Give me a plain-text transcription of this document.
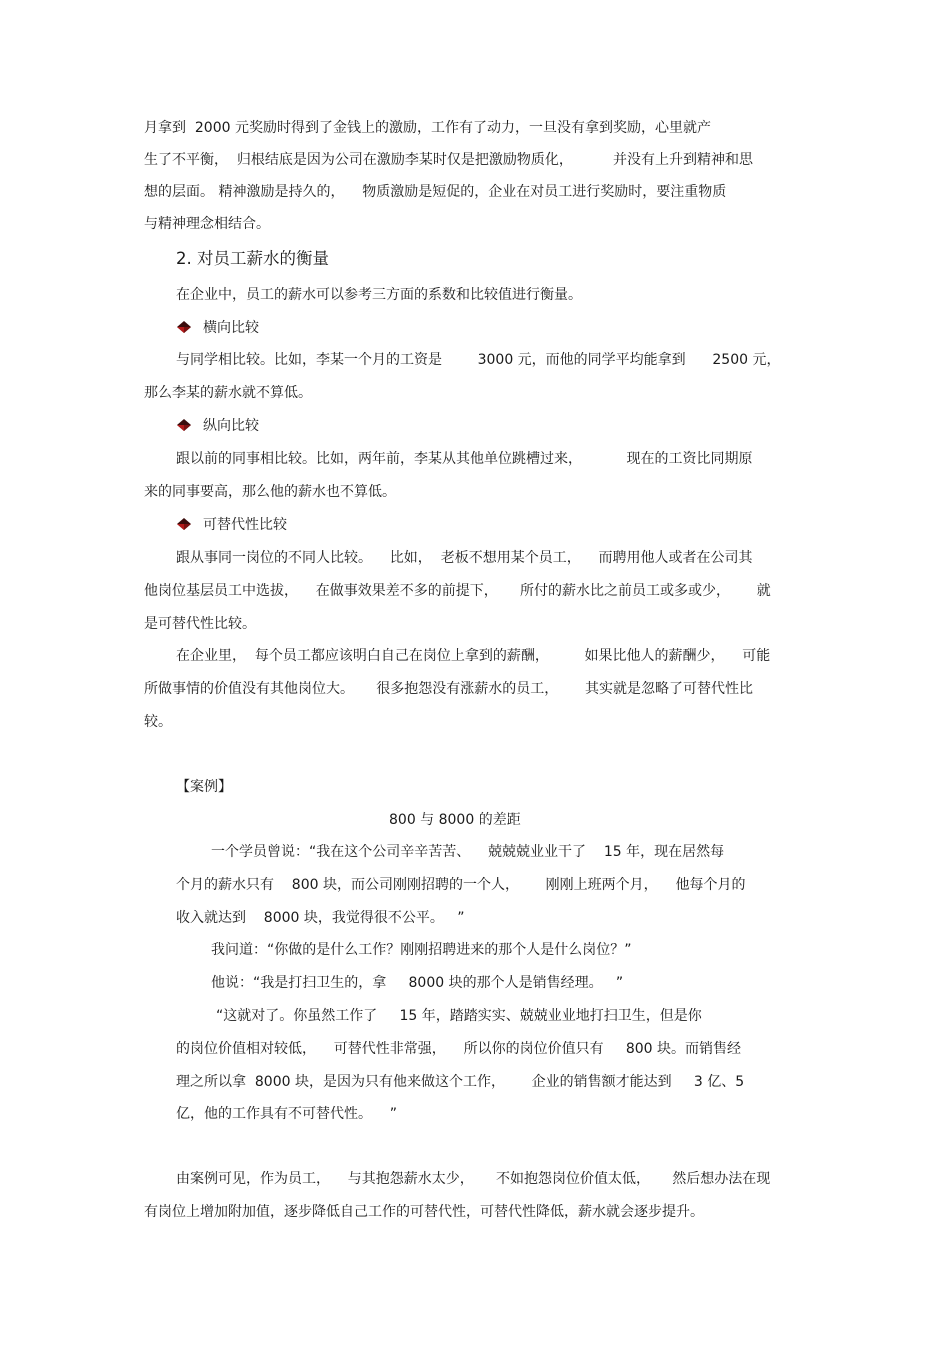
月拿到  2000 元奖励时得到了金钱上的激励，工作有了动力，一旦没有拿到奖励，心里就产
生了不平衡，  归根结底是因为公司在激励李某时仅是把激励物质化，         并没有上升到精神和思
想的层面。 精神激励是持久的，    物质激励是短促的，企业在对员工进行奖励时，要注重物质
与精神理念相结合。
2. 对员工薪水的衡量
在企业中，员工的薪水可以参考三方面的系数和比较值进行衡量。
横向比较
与同学相比较。比如，李某一个月的工资是        3000 元，而他的同学平均能拿到      2500 元，
那么李某的薪水就不算低。
纵向比较
跟以前的同事相比较。比如，两年前，李某从其他单位跳槽过来，          现在的工资比同期原
来的同事要高，那么他的薪水也不算低。
可替代性比较
跟从事同一岗位的不同人比较。    比如，  老板不想用某个员工，    而聘用他人或者在公司其
他岗位基层员工中选拔，    在做事效果差不多的前提下，     所付的薪水比之前员工或多或少，      就
是可替代性比较。
在企业里，  每个员工都应该明白自己在岗位上拿到的薪酬，        如果比他人的薪酬少，    可能
所做事情的价值没有其他岗位大。     很多抱怨没有涨薪水的员工，      其实就是忽略了可替代性比
较。
【案例】
800 与 8000 的差距
一个学员曾说：“我在这个公司辛辛苦苦、    兢兢兢业业干了    15 年，现在居然每
个月的薪水只有    800 块，而公司刚刚招聘的一个人，      刚刚上班两个月，    他每个月的
收入就达到    8000 块，我觉得很不公平。   ”
我问道：“你做的是什么工作？刚刚招聘进来的那个人是什么岗位？”
他说：“我是打扫卫生的，拿     8000 块的那个人是销售经理。   ”
“这就对了。你虽然工作了     15 年，踏踏实实、兢兢业业地打扫卫生，但是你
的岗位价值相对较低，    可替代性非常强，    所以你的岗位价值只有     800 块。而销售经
理之所以拿  8000 块，是因为只有他来做这个工作，      企业的销售额才能达到     3 亿、5
亿，他的工作具有不可替代性。    ”
由案例可见，作为员工，    与其抱怨薪水太少，     不如抱怨岗位价值太低，     然后想办法在现
有岗位上增加附加值，逐步降低自己工作的可替代性，可替代性降低，薪水就会逐步提升。
